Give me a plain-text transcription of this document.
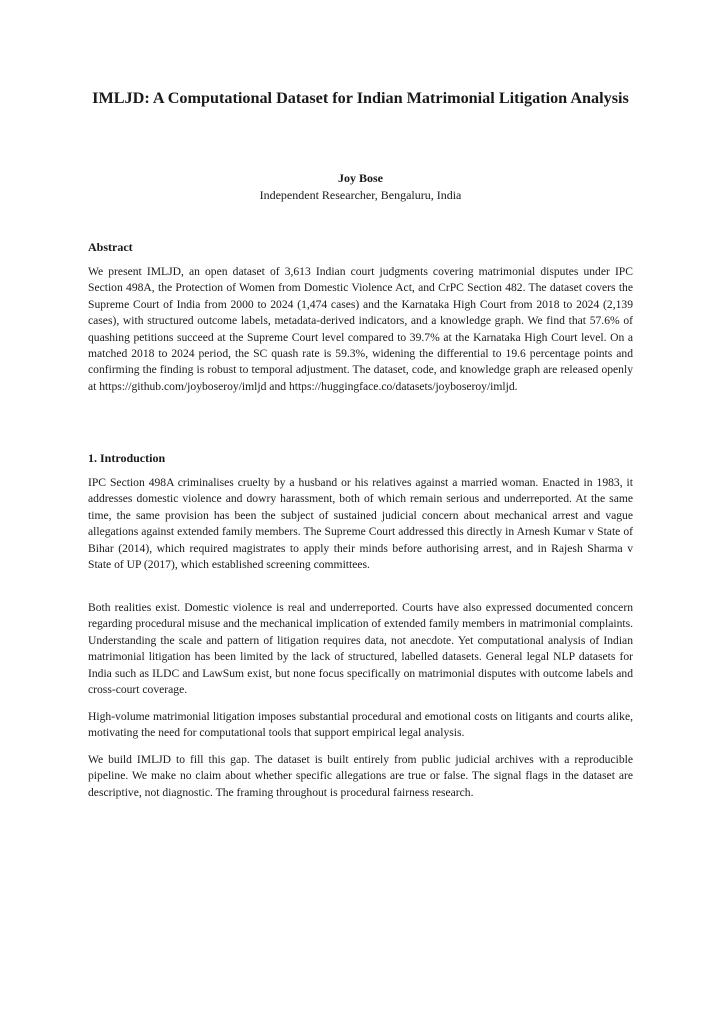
IMLJD: A Computational Dataset for Indian Matrimonial Litigation Analysis
Joy Bose
Independent Researcher, Bengaluru, India
Abstract

We present IMLJD, an open dataset of 3,613 Indian court judgments covering matrimonial disputes under IPC Section 498A, the Protection of Women from Domestic Violence Act, and CrPC Section 482. The dataset covers the Supreme Court of India from 2000 to 2024 (1,474 cases) and the Karnataka High Court from 2018 to 2024 (2,139 cases), with structured outcome labels, metadata-derived indicators, and a knowledge graph. We find that 57.6% of quashing petitions succeed at the Supreme Court level compared to 39.7% at the Karnataka High Court level. On a matched 2018 to 2024 period, the SC quash rate is 59.3%, widening the differential to 19.6 percentage points and confirming the finding is robust to temporal adjustment. The dataset, code, and knowledge graph are released openly at https://github.com/joyboseroy/imljd and https://huggingface.co/datasets/joyboseroy/imljd.

1. Introduction

IPC Section 498A criminalises cruelty by a husband or his relatives against a married woman. Enacted in 1983, it addresses domestic violence and dowry harassment, both of which remain serious and underreported. At the same time, the same provision has been the subject of sustained judicial concern about mechanical arrest and vague allegations against extended family members. The Supreme Court addressed this directly in Arnesh Kumar v State of Bihar (2014), which required magistrates to apply their minds before authorising arrest, and in Rajesh Sharma v State of UP (2017), which established screening committees.

Both realities exist. Domestic violence is real and underreported. Courts have also expressed documented concern regarding procedural misuse and the mechanical implication of extended family members in matrimonial complaints. Understanding the scale and pattern of litigation requires data, not anecdote. Yet computational analysis of Indian matrimonial litigation has been limited by the lack of structured, labelled datasets. General legal NLP datasets for India such as ILDC and LawSum exist, but none focus specifically on matrimonial disputes with outcome labels and cross-court coverage.

High-volume matrimonial litigation imposes substantial procedural and emotional costs on litigants and courts alike, motivating the need for computational tools that support empirical legal analysis.

We build IMLJD to fill this gap. The dataset is built entirely from public judicial archives with a reproducible pipeline. We make no claim about whether specific allegations are true or false. The signal flags in the dataset are descriptive, not diagnostic. The framing throughout is procedural fairness research.
